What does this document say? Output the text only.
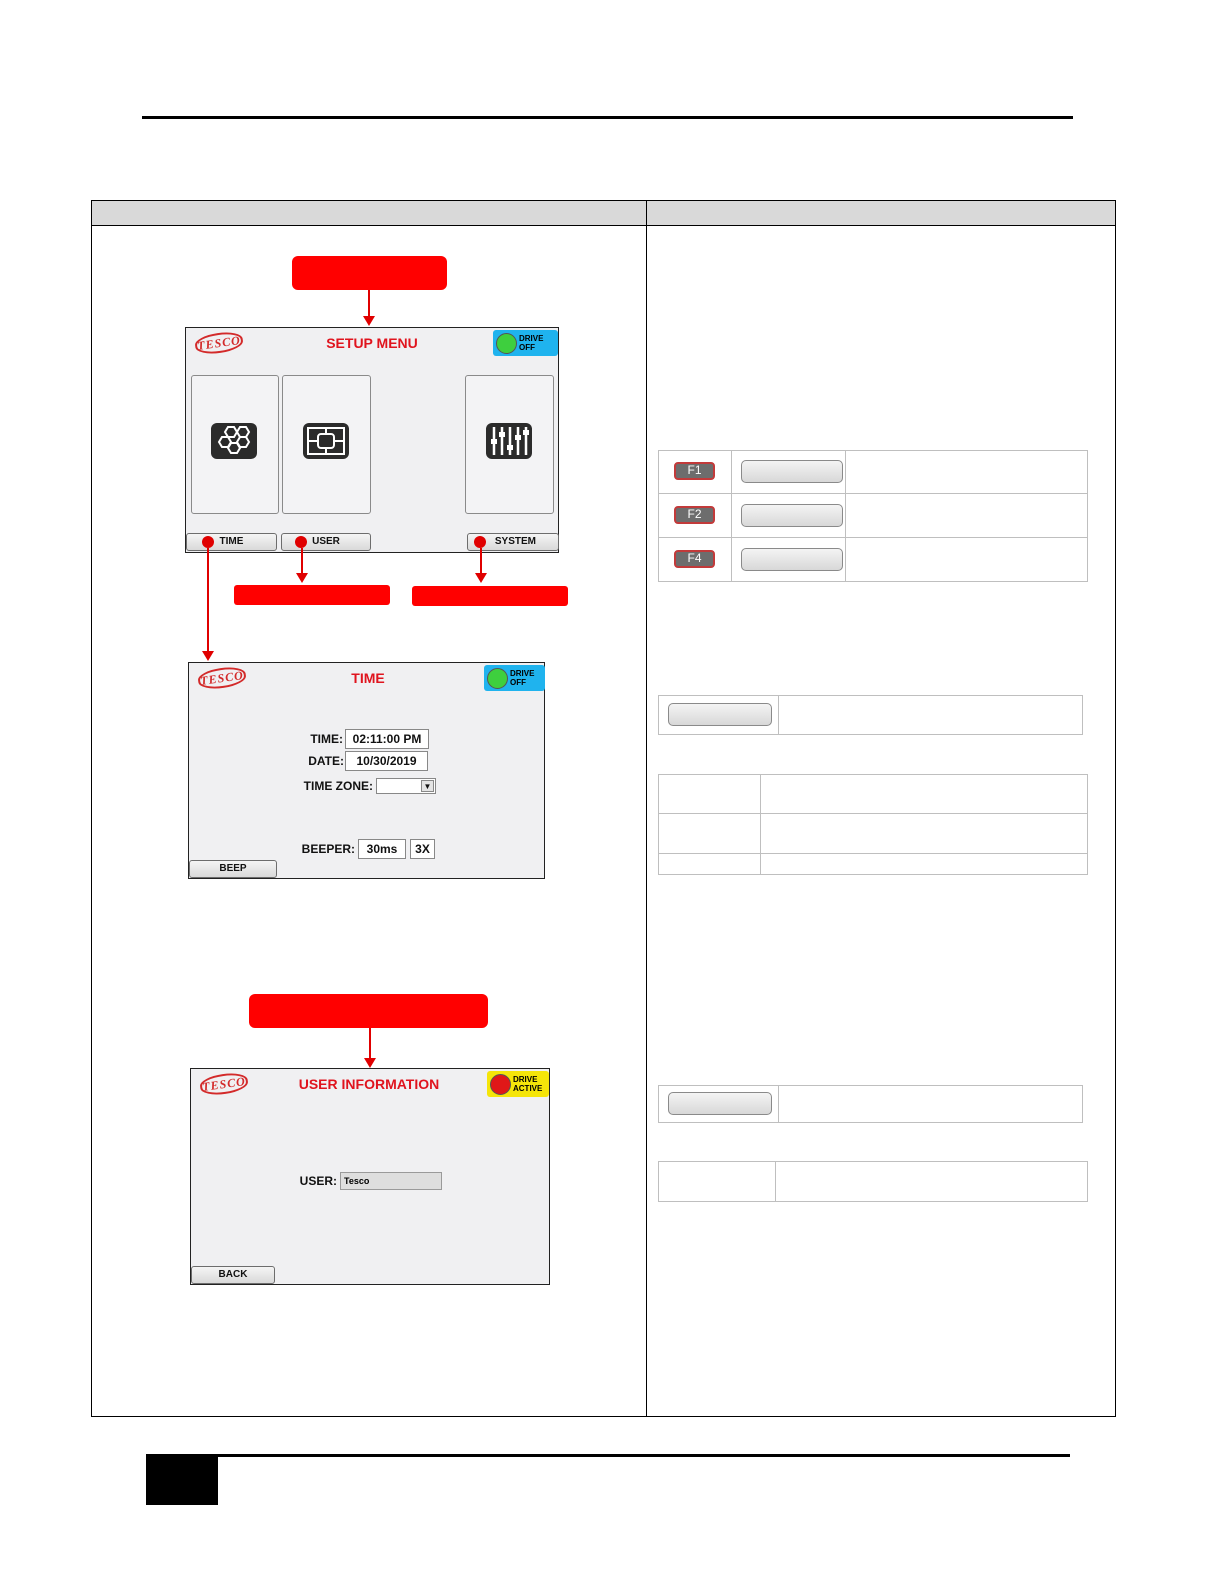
TESCO	SETUP MENU	DRIVE
OFF
TIME	USER	SYSTEM
TESCO	TIME	DRIVE
OFF
TIME: 02:11:00 PM
DATE:	10/30/2019
TIME ZONE:	▼
BEEPER: 30ms	3X
BEEP
TESCO	USER INFORMATION	DRIVE
ACTIVE
USER: Tesco
BACK
F1
F2
F4
